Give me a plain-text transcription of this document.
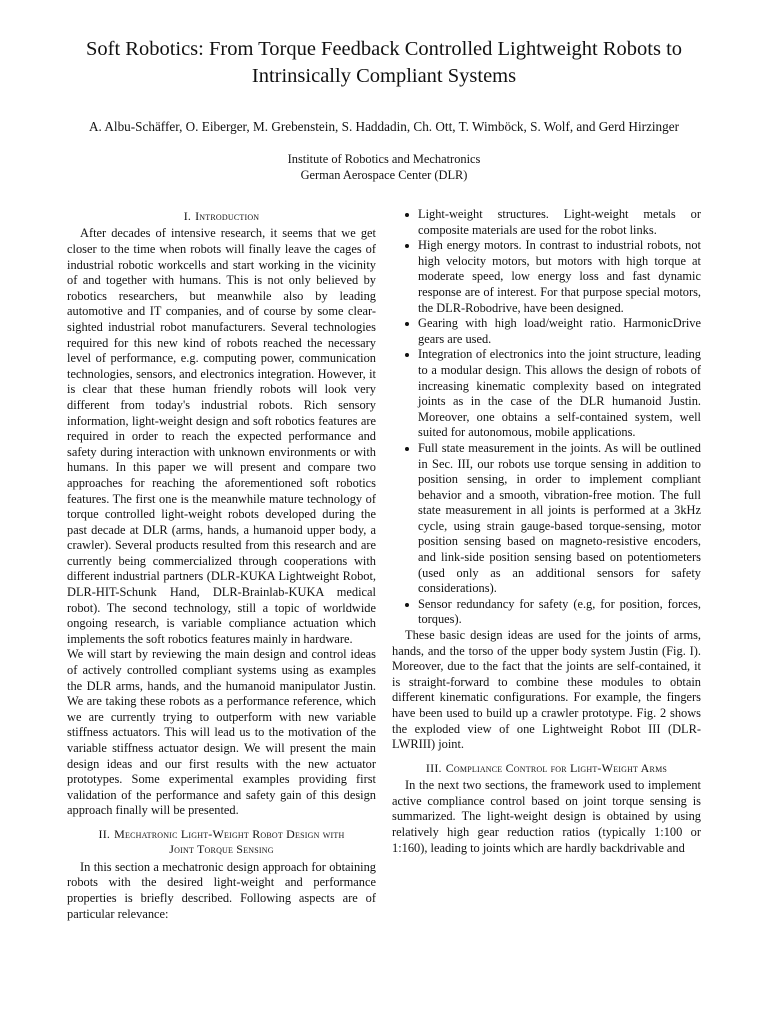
Soft Robotics: From Torque Feedback Controlled Lightweight Robots to
Intrinsically Compliant Systems
A. Albu-Schäffer, O. Eiberger, M. Grebenstein, S. Haddadin, Ch. Ott, T. Wimböck, S. Wolf, and Gerd Hirzinger
Institute of Robotics and Mechatronics
German Aerospace Center (DLR)
I. Introduction

After decades of intensive research, it seems that we get closer to the time when robots will finally leave the cages of industrial robotic workcells and start working in the vicinity of and together with humans. This is not only believed by robotics researchers, but meanwhile also by leading automotive and IT companies, and of course by some clear-sighted industrial robot manufacturers. Several technologies required for this new kind of robots reached the necessary level of performance, e.g. computing power, communication technologies, sensors, and electronics integration. However, it is clear that these human friendly robots will look very different from today's industrial robots. Rich sensory information, light-weight design and soft robotics features are required in order to reach the expected performance and safety during interaction with unknown environments or with humans. In this paper we will present and compare two approaches for reaching the aforementioned soft robotics features. The first one is the meanwhile mature technology of torque controlled light-weight robots developed during the past decade at DLR (arms, hands, a humanoid upper body, a crawler). Several products resulted from this research and are currently being commercialized through cooperations with different industrial partners (DLR-KUKA Lightweight Robot, DLR-HIT-Schunk Hand, DLR-Brainlab-KUKA medical robot). The second technology, still a topic of worldwide ongoing research, is variable compliance actuation which implements the soft robotics features mainly in hardware.

We will start by reviewing the main design and control ideas of actively controlled compliant systems using as examples the DLR arms, hands, and the humanoid manipulator Justin. We are taking these robots as a performance reference, which we are currently trying to outperform with new variable stiffness actuators. This will lead us to the motivation of the variable stiffness actuator design. We will present the main design ideas and our first results with the new actuator prototypes. Some experimental examples providing first validation of the performance and safety gain of this design approach finally will be presented.

II. Mechatronic Light-Weight Robot Design with
Joint Torque Sensing

In this section a mechatronic design approach for obtaining robots with the desired light-weight and performance properties is briefly described. Following aspects are of particular relevance:

Light-weight structures. Light-weight metals or composite materials are used for the robot links.
High energy motors. In contrast to industrial robots, not high velocity motors, but motors with high torque at moderate speed, low energy loss and fast dynamic response are of interest. For that purpose special motors, the DLR-Robodrive, have been designed.
Gearing with high load/weight ratio. HarmonicDrive gears are used.
Integration of electronics into the joint structure, leading to a modular design. This allows the design of robots of increasing kinematic complexity based on integrated joints as in the case of the DLR humanoid Justin. Moreover, one obtains a self-contained system, well suited for autonomous, mobile applications.
Full state measurement in the joints. As will be outlined in Sec. III, our robots use torque sensing in addition to position sensing, in order to implement compliant behavior and a smooth, vibration-free motion. The full state measurement in all joints is performed at a 3kHz cycle, using strain gauge-based torque-sensing, motor position sensing based on magneto-resistive encoders, and link-side position sensing based on potentiometers (used only as an additional sensors for safety considerations).
Sensor redundancy for safety (e.g, for position, forces, torques).

These basic design ideas are used for the joints of arms, hands, and the torso of the upper body system Justin (Fig. I). Moreover, due to the fact that the joints are self-contained, it is straight-forward to combine these modules to obtain different kinematic configurations. For example, the fingers have been used to build up a crawler prototype. Fig. 2 shows the exploded view of one Lightweight Robot III (DLR-LWRIII) joint.

III. Compliance Control for Light-Weight Arms

In the next two sections, the framework used to implement active compliance control based on joint torque sensing is summarized. The light-weight design is obtained by using relatively high gear reduction ratios (typically 1:100 or 1:160), leading to joints which are hardly backdrivable and
